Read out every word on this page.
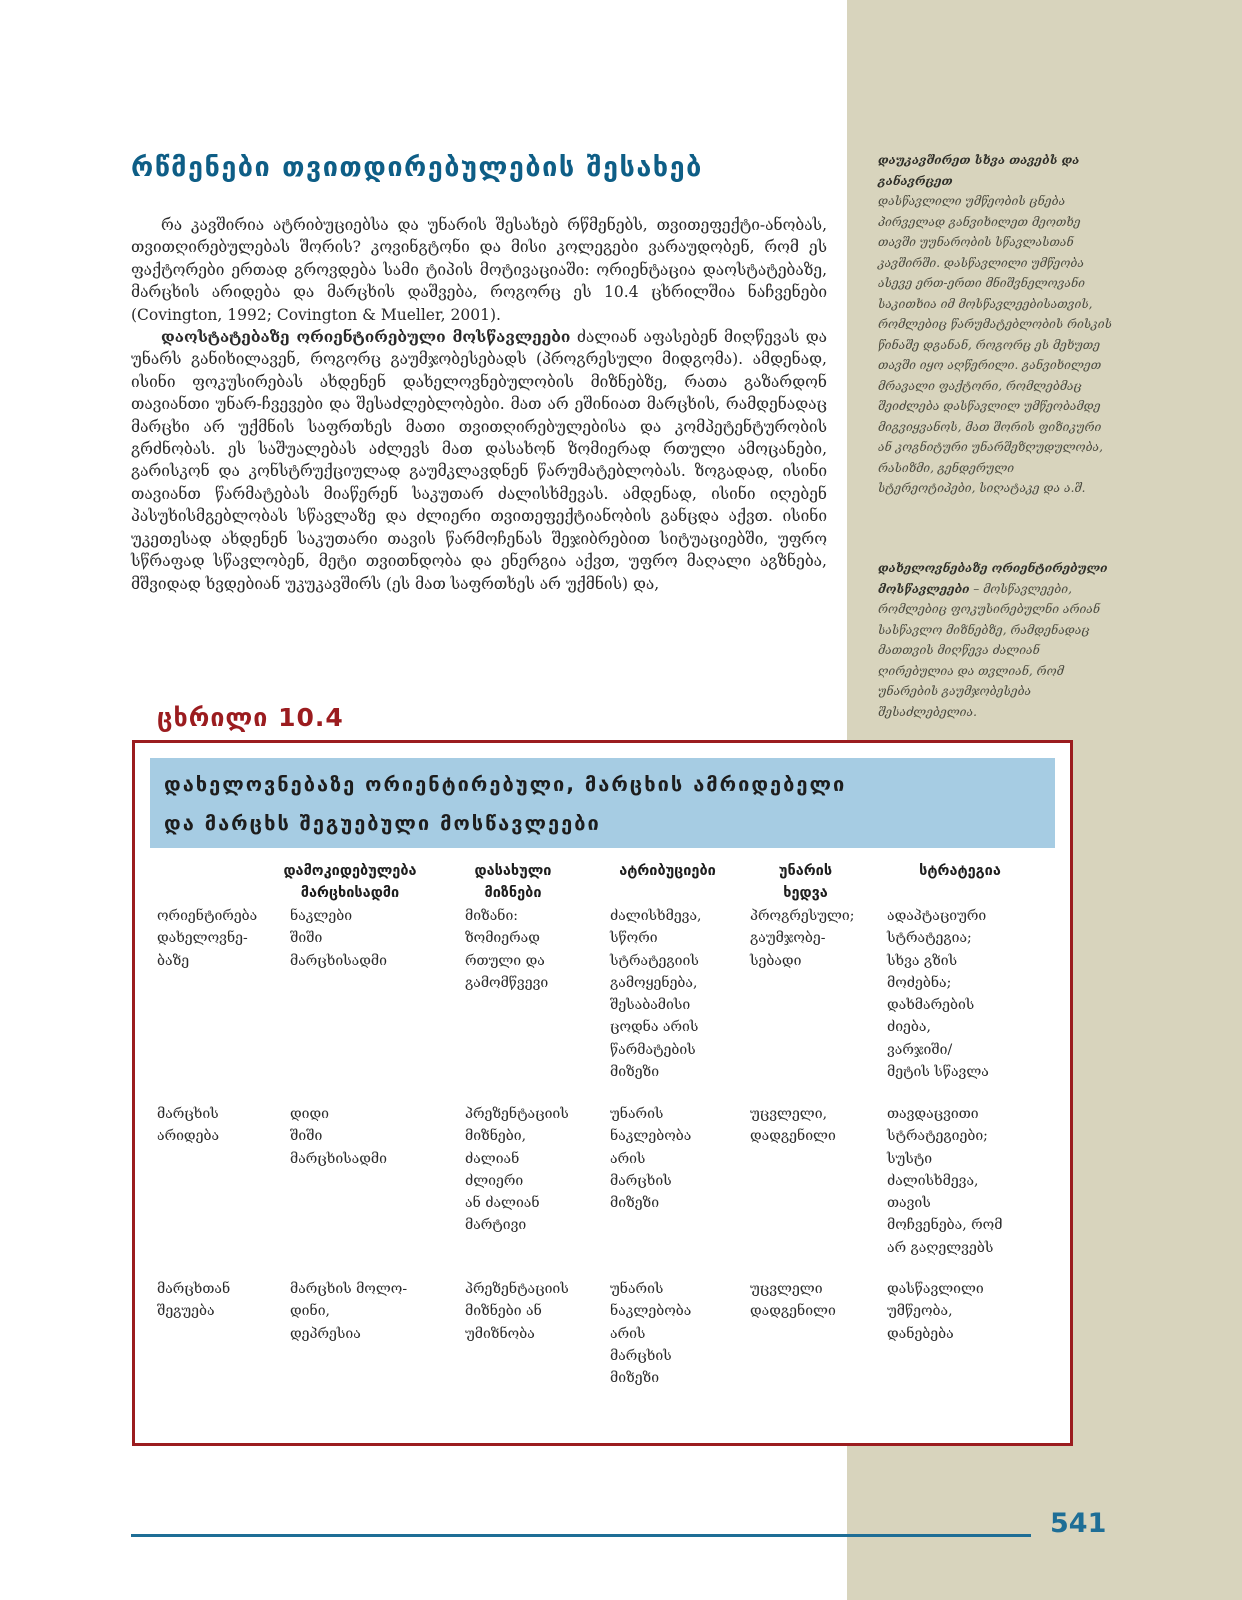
რწმენები თვითდირებულების შესახებ

რა კავშირია ატრიბუციებსა და უნარის შესახებ რწმენებს, თვითეფექტი-ანობას, თვითღირებულებას შორის? კოვინგტონი და მისი კოლეგები ვარაუდობენ, რომ ეს ფაქტორები ერთად გროვდება სამი ტიპის მოტივაციაში: ორიენტაცია დაოსტატებაზე, მარცხის არიდება და მარცხის დაშვება, როგორც ეს 10.4 ცხრილშია ნაჩვენები (Covington, 1992; Covington & Mueller, 2001).

დაოსტატებაზე ორიენტირებული მოსწავლეები ძალიან აფასებენ მიღწევას და უნარს განიხილავენ, როგორც გაუმჯობესებადს (პროგრესული მიდგომა). ამდენად, ისინი ფოკუსირებას ახდენენ დახელოვნებულობის მიზნებზე, რათა გაზარდონ თავიანთი უნარ-ჩვევები და შესაძლებლობები. მათ არ ეშინიათ მარცხის, რამდენადაც მარცხი არ უქმნის საფრთხეს მათი თვითღირებულებისა და კომპეტენტურობის გრძნობას. ეს საშუალებას აძლევს მათ დასახონ ზომიერად რთული ამოცანები, გარისკონ და კონსტრუქციულად გაუმკლავდნენ წარუმატებლობას. ზოგადად, ისინი თავიანთ წარმატებას მიაწერენ საკუთარ ძალისხმევას. ამდენად, ისინი იღებენ პასუხისმგებლობას სწავლაზე და ძლიერი თვითეფექტიანობის განცდა აქვთ. ისინი უკეთესად ახდენენ საკუთარი თავის წარმოჩენას შეჯიბრებით სიტუაციებში, უფრო სწრაფად სწავლობენ, მეტი თვითნდობა და ენერგია აქვთ, უფრო მაღალი აგზნება, მშვიდად ხვდებიან უკუკავშირს (ეს მათ საფრთხეს არ უქმნის) და,

დაუკავშირეთ სხვა თავებს და განავრცეთ
დასწავლილი უმწეობის ცნება პირველად განვიხილეთ მეოთხე თავში უუნარობის სწავლასთან კავშირში. დასწავლილი უმწეობა ასევე ერთ-ერთი მნიშვნელოვანი საკითხია იმ მოსწავლეებისათვის, რომლებიც წარუმატებლობის რისკის წინაშე დგანან, როგორც ეს მეხუთე თავში იყო აღწერილი. განვიხილეთ მრავალი ფაქტორი, რომლებმაც შეიძლება დასწავლილ უმწეობამდე მიგვიყვანოს, მათ შორის ფიზიკური ან კოგნიტური უნარშეზღუდულობა, რასიზმი, გენდერული სტერეოტიპები, სიღატაკე და ა.შ.
დახელოვნებაზე ორიენტირებული მოსწავლეები – მოსწავლეები, რომლებიც ფოკუსირებულნი არიან სასწავლო მიზნებზე, რამდენადაც მათთვის მიღწევა ძალიან ღირებულია და თვლიან, რომ უნარების გაუმჯობესება შესაძლებელია.
ცხრილი 10.4
დახელოვნებაზე ორიენტირებული, მარცხის ამრიდებელი
და მარცხს შეგუებული მოსწავლეები
დამოკიდებულება
მარცხისადმი
დასახული
მიზნები
ატრიბუციები	უნარის
ხედვა
სტრატეგია
ორიენტირება
დახელოვნე-
ბაზე
ნაკლები
შიში
მარცხისადმი
მიზანი:
ზომიერად
რთული და
გამომწვევი
ძალისხმევა,
სწორი
სტრატეგიის
გამოყენება,
შესაბამისი
ცოდნა არის
წარმატების
მიზეზი
პროგრესული;
გაუმჯობე-
სებადი
ადაპტაციური
სტრატეგია;
სხვა გზის
მოძებნა;
დახმარების
ძიება,
ვარჯიში/
მეტის სწავლა
მარცხის
არიდება
დიდი
შიში
მარცხისადმი
პრეზენტაციის
მიზნები,
ძალიან
ძლიერი
ან ძალიან
მარტივი
უნარის
ნაკლებობა
არის
მარცხის
მიზეზი
უცვლელი,
დადგენილი
თავდაცვითი
სტრატეგიები;
სუსტი
ძალისხმევა,
თავის
მოჩვენება, რომ
არ გაღელვებს
მარცხთან
შეგუება
მარცხის მოლო-
დინი,
დეპრესია
პრეზენტაციის
მიზნები ან
უმიზნობა
უნარის
ნაკლებობა
არის
მარცხის
მიზეზი
უცვლელი
დადგენილი
დასწავლილი
უმწეობა,
დანებება
541
